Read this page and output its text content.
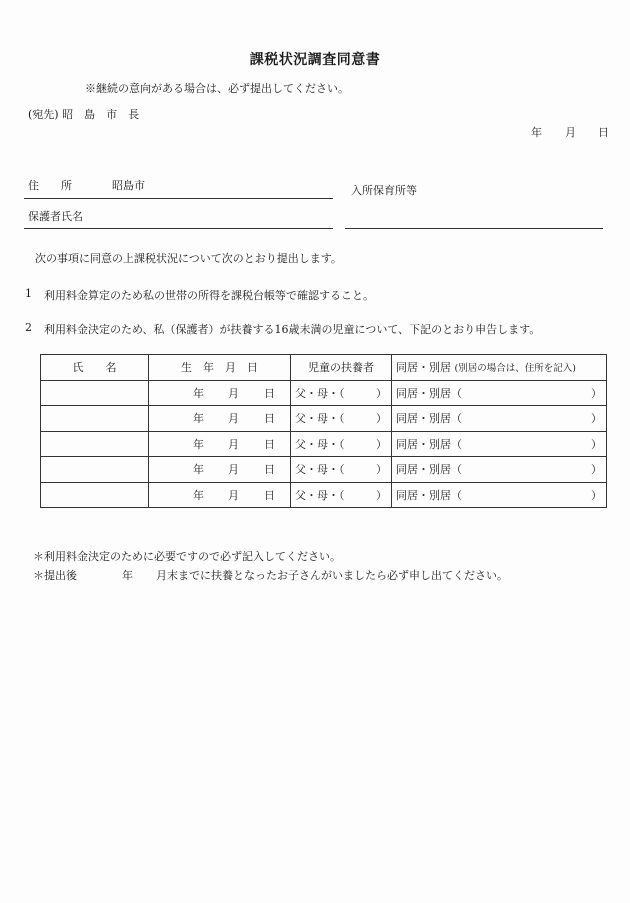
課税状況調査同意書
※継続の意向がある場合は、必ず提出してください。
(宛先) 昭　島　市　長
年 月 日
住　　所	昭島市	入所保育所等
保護者氏名
次の事項に同意の上課税状況について次のとおり提出します。
1 利用料金算定のため私の世帯の所得を課税台帳等で確認すること。
2 利用料金決定のため、私（保護者）が扶養する16歳未満の児童について、下記のとおり申告します。
氏　　名	生　年　月　日	児童の扶養者	同居・別居 (別居の場合は、住所を記入)
	年 月 日	父・母・（ ）	同居・別居（ ）

	年 月 日	父・母・（ ）	同居・別居（ ）

	年 月 日	父・母・（ ）	同居・別居（ ）

	年 月 日	父・母・（ ）	同居・別居（ ）

	年 月 日	父・母・（ ）	同居・別居（ ）
＊利用料金決定のために必要ですので必ず記入してください。
＊提出後	年 月末までに扶養となったお子さんがいましたら必ず申し出てください。
